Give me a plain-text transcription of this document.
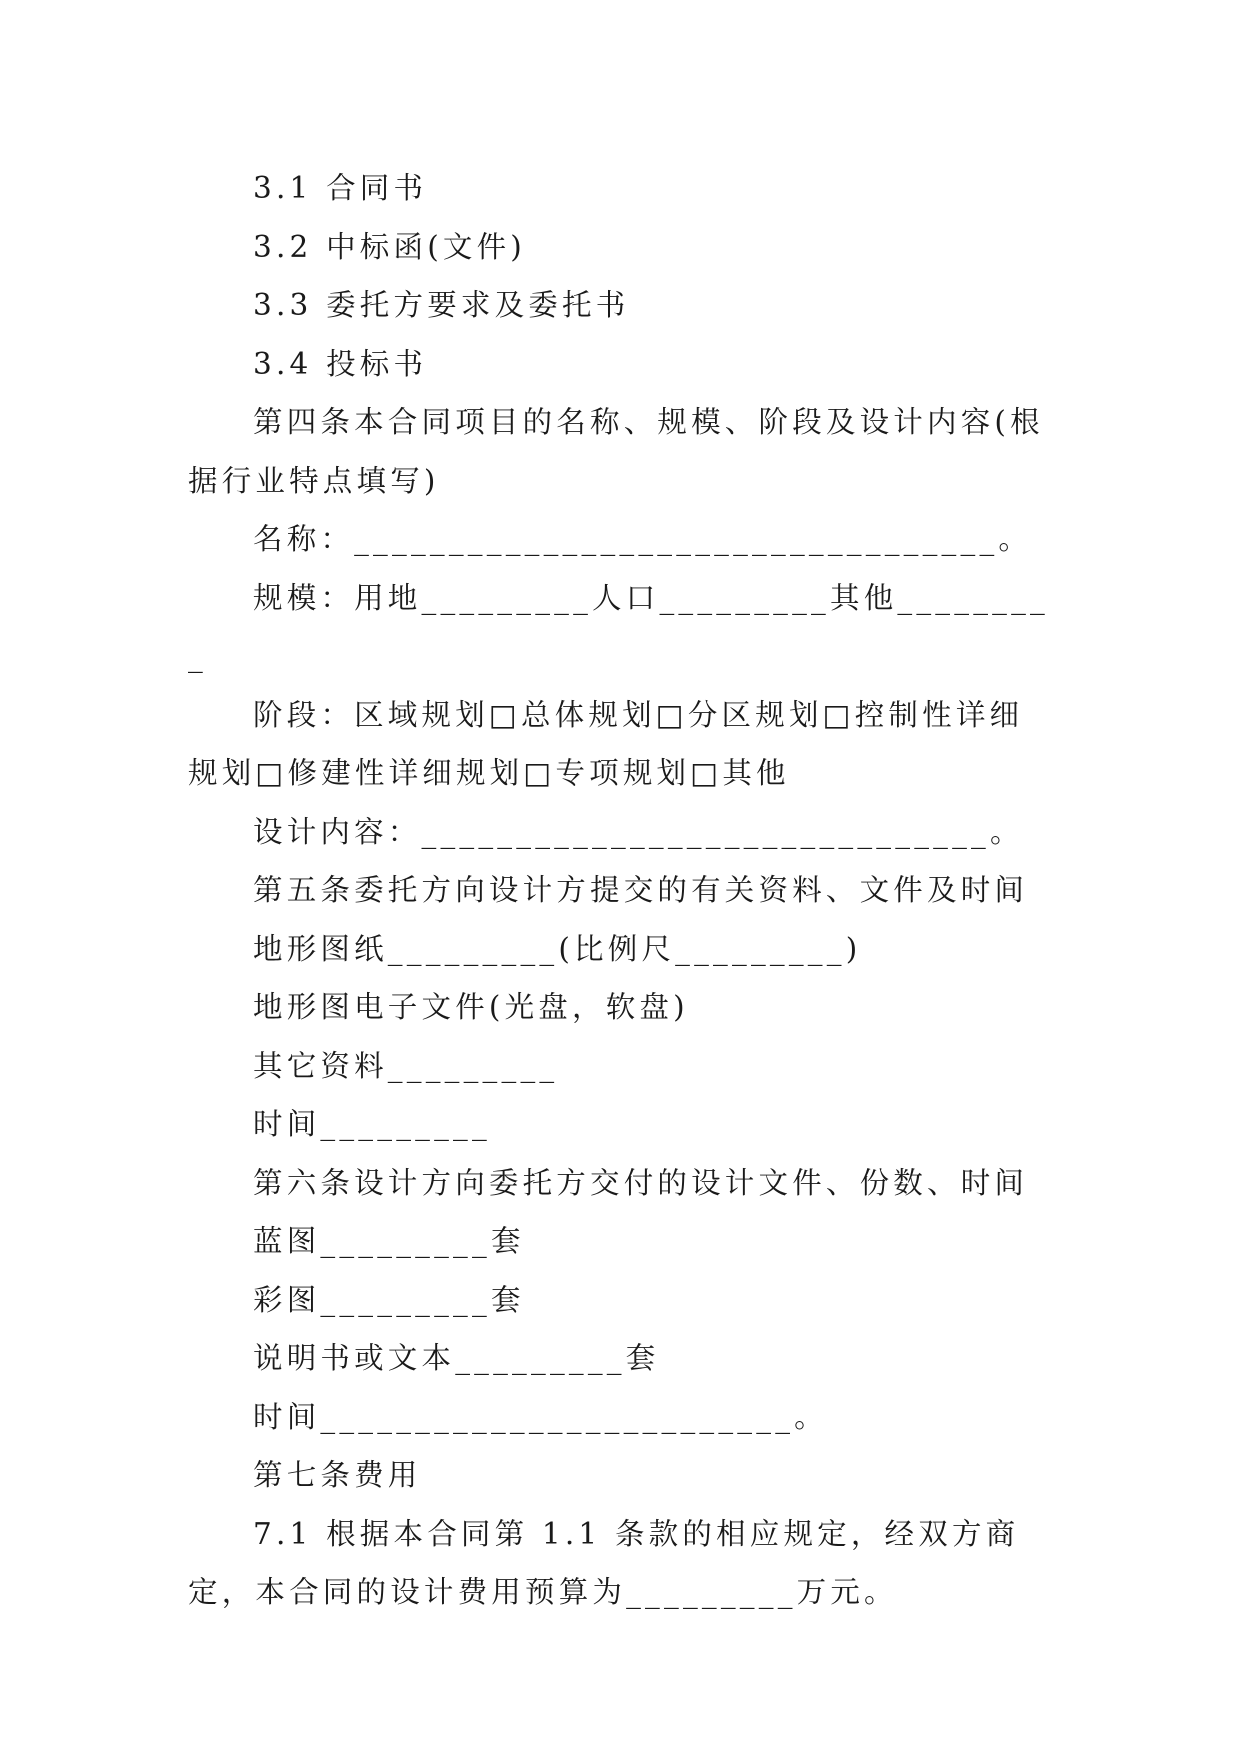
3.1 合同书

3.2 中标函(文件)

3.3 委托方要求及委托书

3.4 投标书

第四条本合同项目的名称、规模、阶段及设计内容(根据行业特点填写)

名称：__________________________________。

规模：用地_________人口_________其他_________

阶段：区域规划□总体规划□分区规划□控制性详细规划□修建性详细规划□专项规划□其他

设计内容：______________________________。

第五条委托方向设计方提交的有关资料、文件及时间

地形图纸_________(比例尺_________)

地形图电子文件(光盘，软盘)

其它资料_________

时间_________

第六条设计方向委托方交付的设计文件、份数、时间

蓝图_________套

彩图_________套

说明书或文本_________套

时间_________________________。

第七条费用

7.1 根据本合同第 1.1 条款的相应规定，经双方商定，本合同的设计费用预算为_________万元。
